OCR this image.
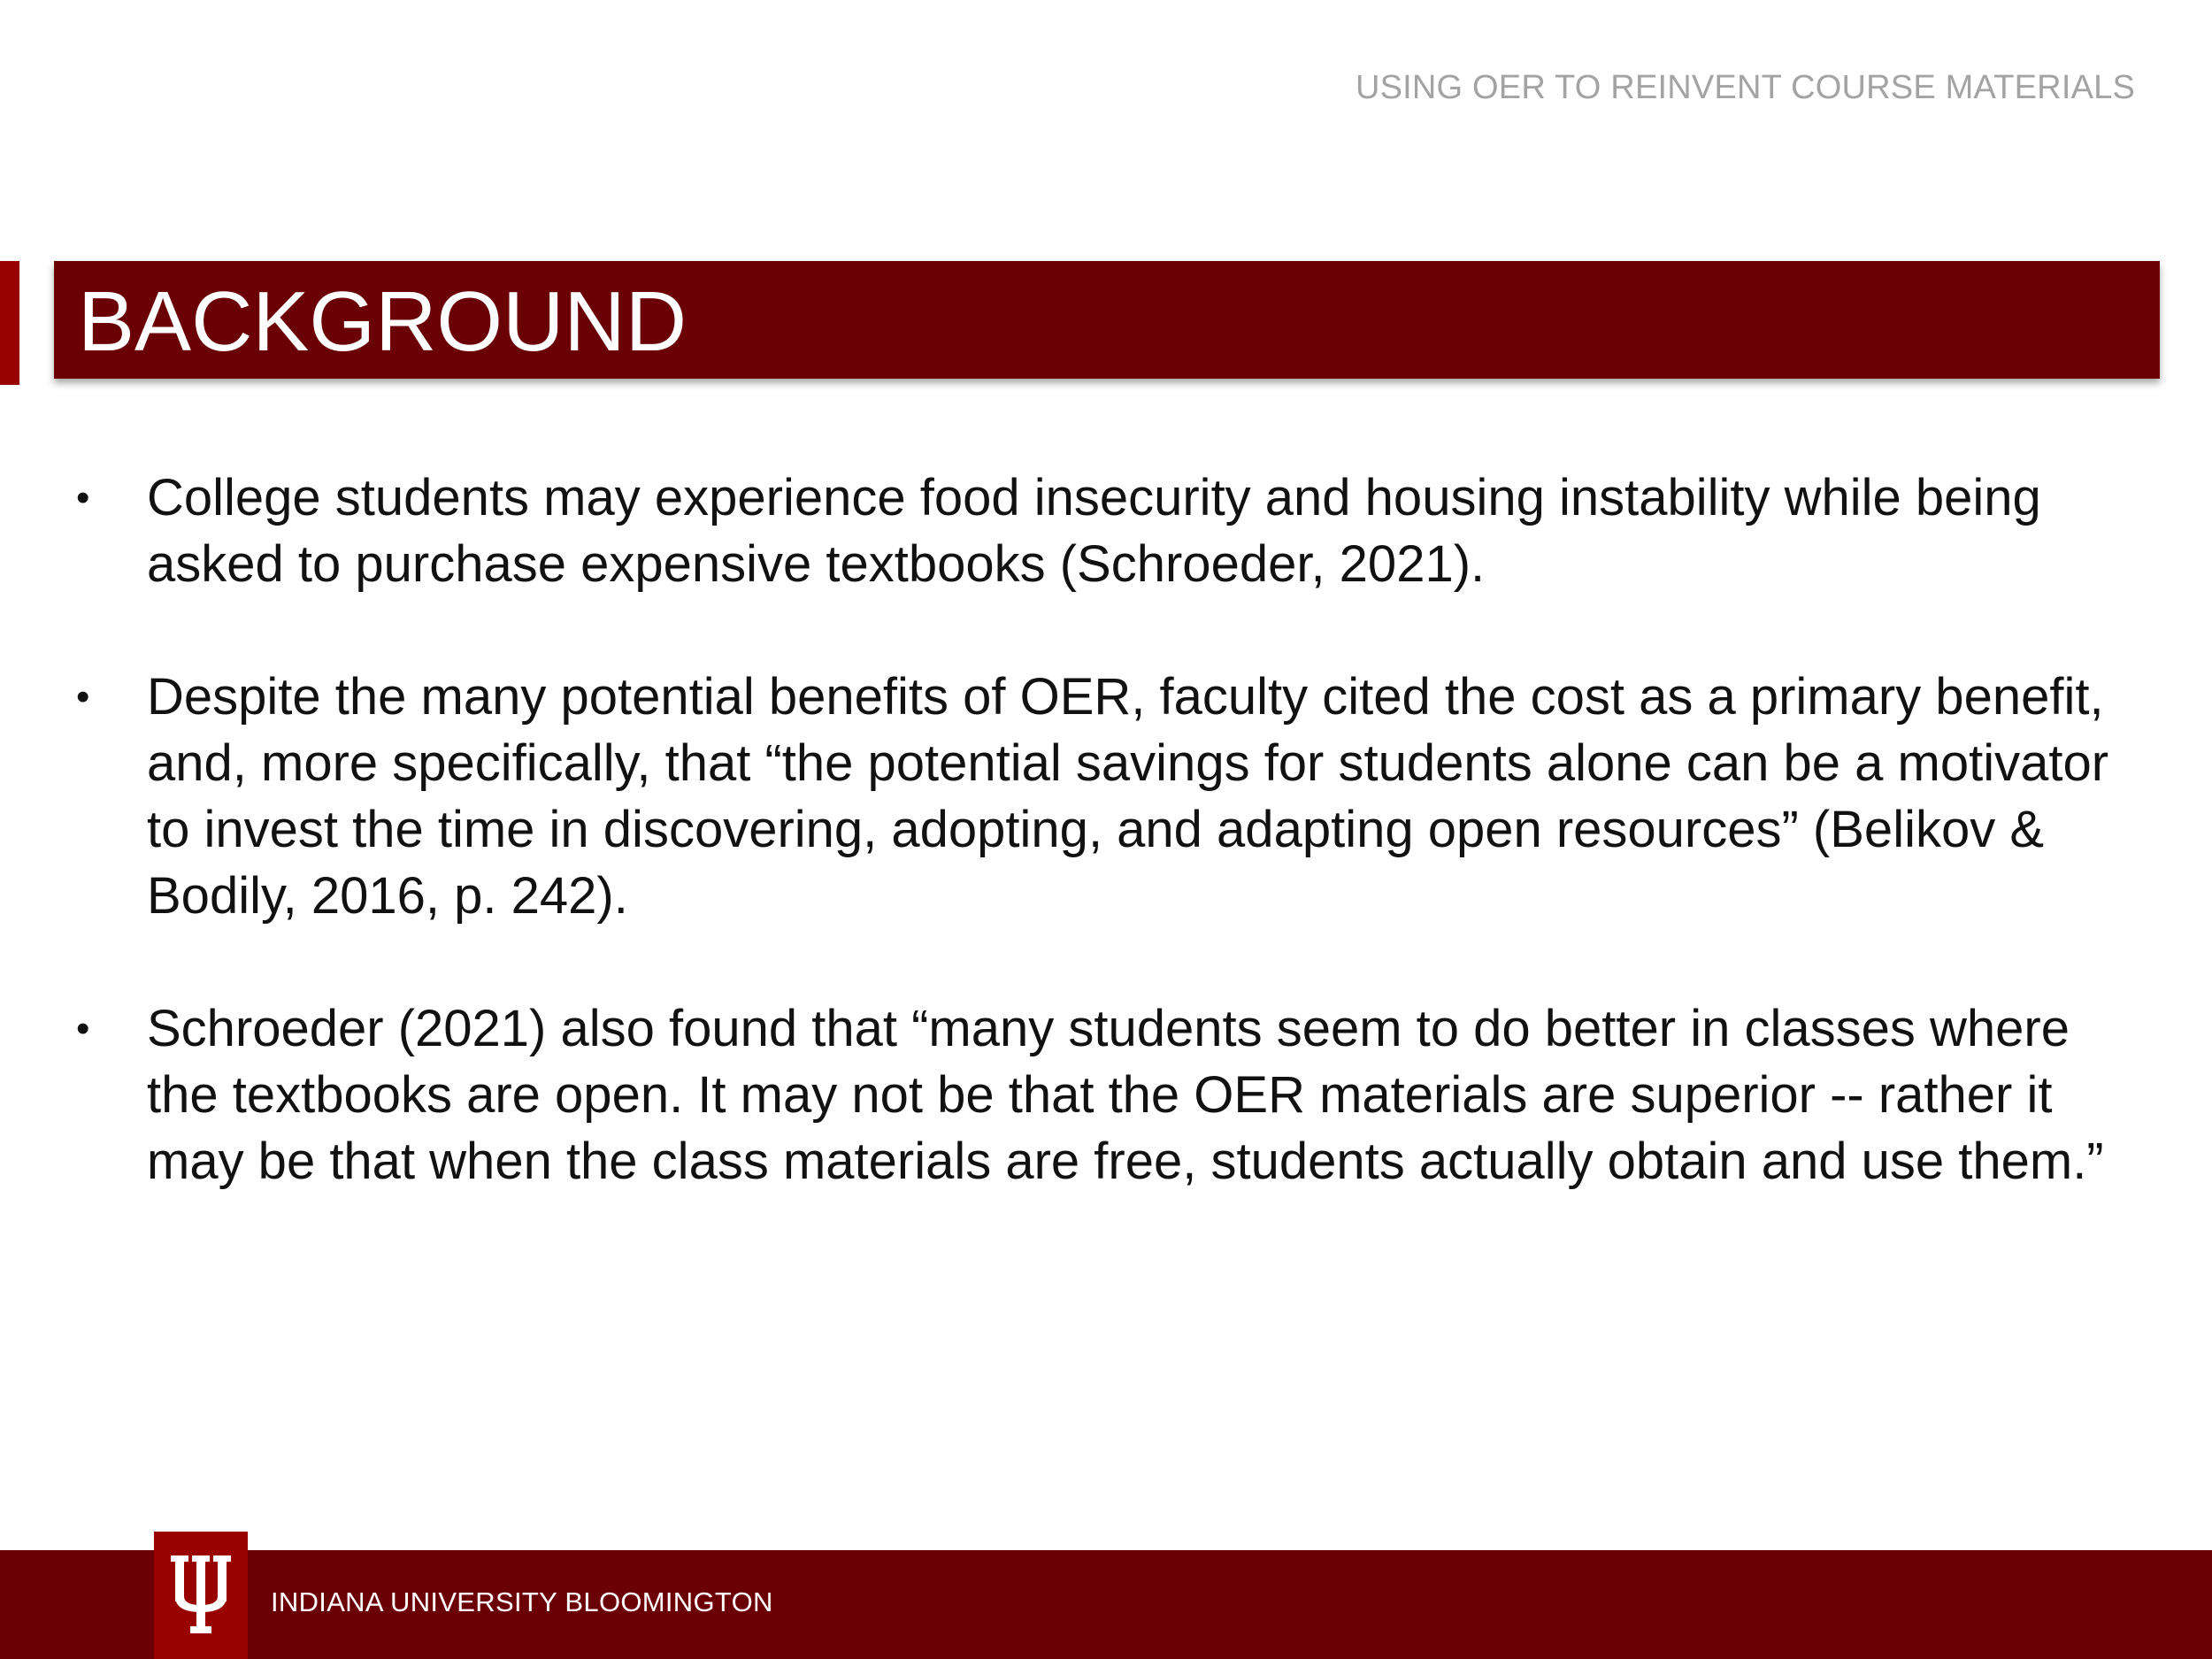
USING OER TO REINVENT COURSE MATERIALS
BACKGROUND
• College students may experience food insecurity and housing instability while being asked to purchase expensive textbooks (Schroeder, 2021).
• Despite the many potential benefits of OER, faculty cited the cost as a primary benefit, and, more specifically, that “the potential savings for students alone can be a motivator to invest the time in discovering, adopting, and adapting open resources” (Belikov & Bodily, 2016, p. 242).
• Schroeder (2021) also found that “many students seem to do better in classes where the textbooks are open. It may not be that the OER materials are superior -- rather it may be that when the class materials are free, students actually obtain and use them.”
INDIANA UNIVERSITY BLOOMINGTON
